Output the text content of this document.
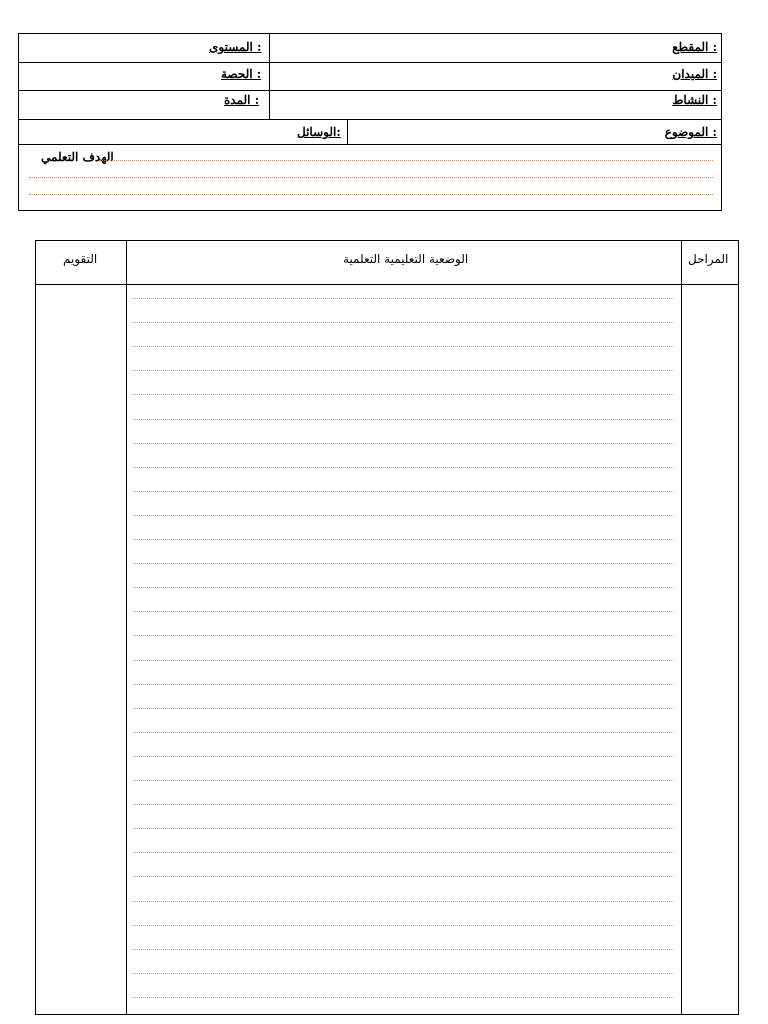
: المستوى
: الحصة
: المدة
: المقطع
: الميدان
: النشاط
: الموضوع
:الوسائل
الهدف التعلمي
التقويم	الوضعية التعليمية التعلمية	المراحل
